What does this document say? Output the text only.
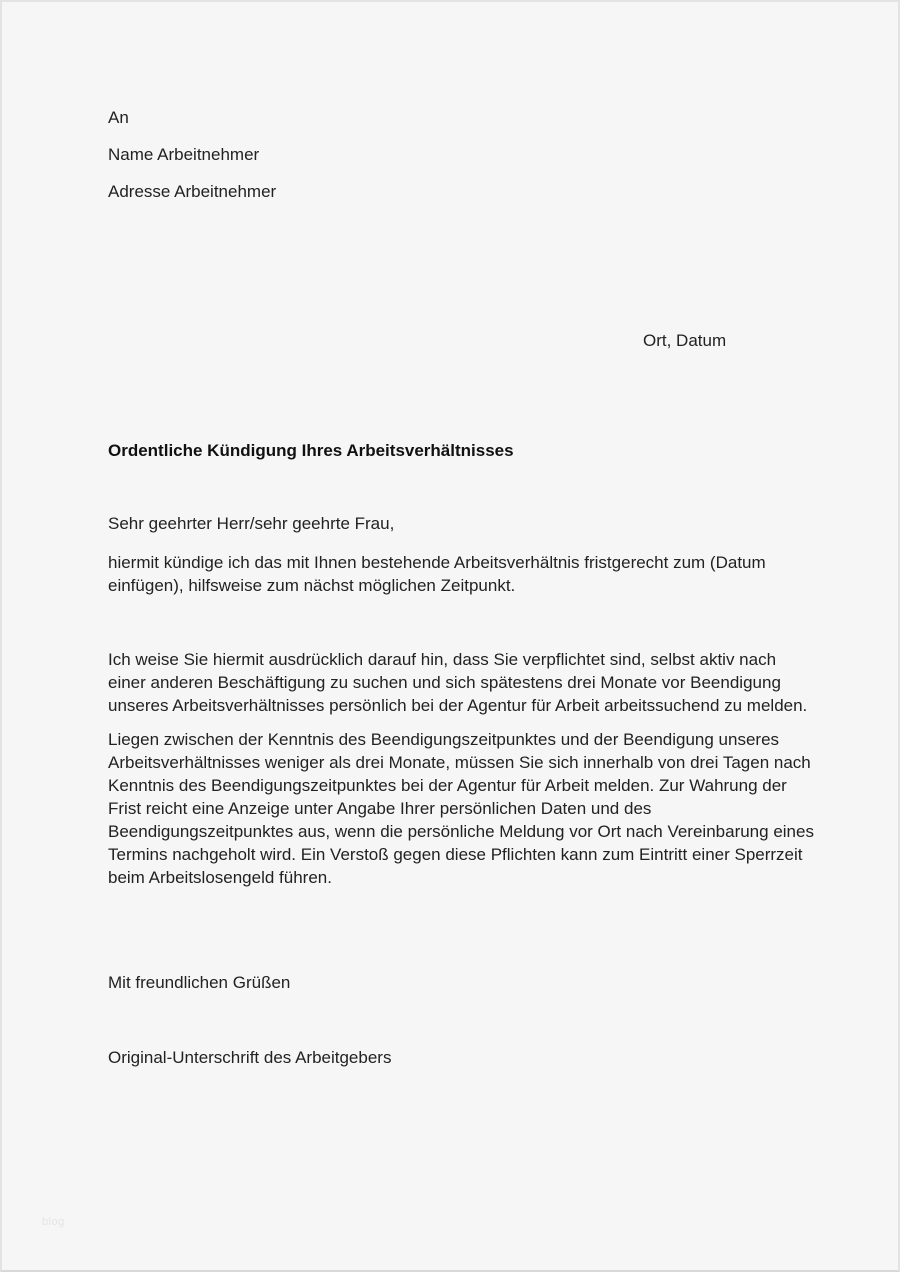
An
Name Arbeitnehmer
Adresse Arbeitnehmer
Ort, Datum
Ordentliche Kündigung Ihres Arbeitsverhältnisses
Sehr geehrter Herr/sehr geehrte Frau,

hiermit kündige ich das mit Ihnen bestehende Arbeitsverhältnis fristgerecht zum (Datum einfügen), hilfsweise zum nächst möglichen Zeitpunkt.

Ich weise Sie hiermit ausdrücklich darauf hin, dass Sie verpflichtet sind, selbst aktiv nach einer anderen Beschäftigung zu suchen und sich spätestens drei Monate vor Beendigung unseres Arbeitsverhältnisses persönlich bei der Agentur für Arbeit arbeitssuchend zu melden.

Liegen zwischen der Kenntnis des Beendigungszeitpunktes und der Beendigung unseres Arbeitsverhältnisses weniger als drei Monate, müssen Sie sich innerhalb von drei Tagen nach Kenntnis des Beendigungszeitpunktes bei der Agentur für Arbeit melden. Zur Wahrung der Frist reicht eine Anzeige unter Angabe Ihrer persönlichen Daten und des Beendigungszeitpunktes aus, wenn die persönliche Meldung vor Ort nach Vereinbarung eines Termins nachgeholt wird. Ein Verstoß gegen diese Pflichten kann zum Eintritt einer Sperrzeit beim Arbeitslosengeld führen.

Mit freundlichen Grüßen
Original-Unterschrift des Arbeitgebers
blog
